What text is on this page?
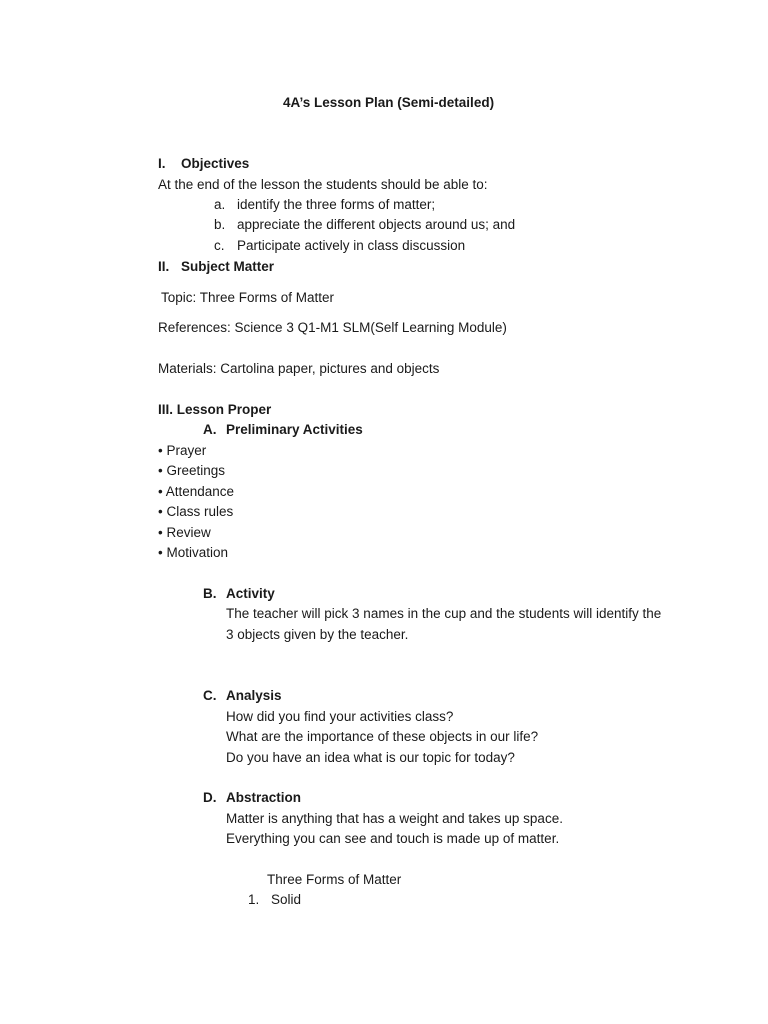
4A’s Lesson Plan (Semi-detailed)
I. Objectives
At the end of the lesson the students should be able to:
a. identify the three forms of matter;
b. appreciate the different objects around us; and
c. Participate actively in class discussion
II. Subject Matter
Topic: Three Forms of Matter
References: Science 3 Q1-M1 SLM(Self Learning Module)
Materials: Cartolina paper, pictures and objects
III. Lesson Proper
A. Preliminary Activities
• Prayer
• Greetings
• Attendance
• Class rules
• Review
• Motivation
B. Activity
The teacher will pick 3 names in the cup and the students will identify the
3 objects given by the teacher.
C. Analysis
How did you find your activities class?
What are the importance of these objects in our life?
Do you have an idea what is our topic for today?
D. Abstraction
Matter is anything that has a weight and takes up space.
Everything you can see and touch is made up of matter.
Three Forms of Matter
1. Solid
